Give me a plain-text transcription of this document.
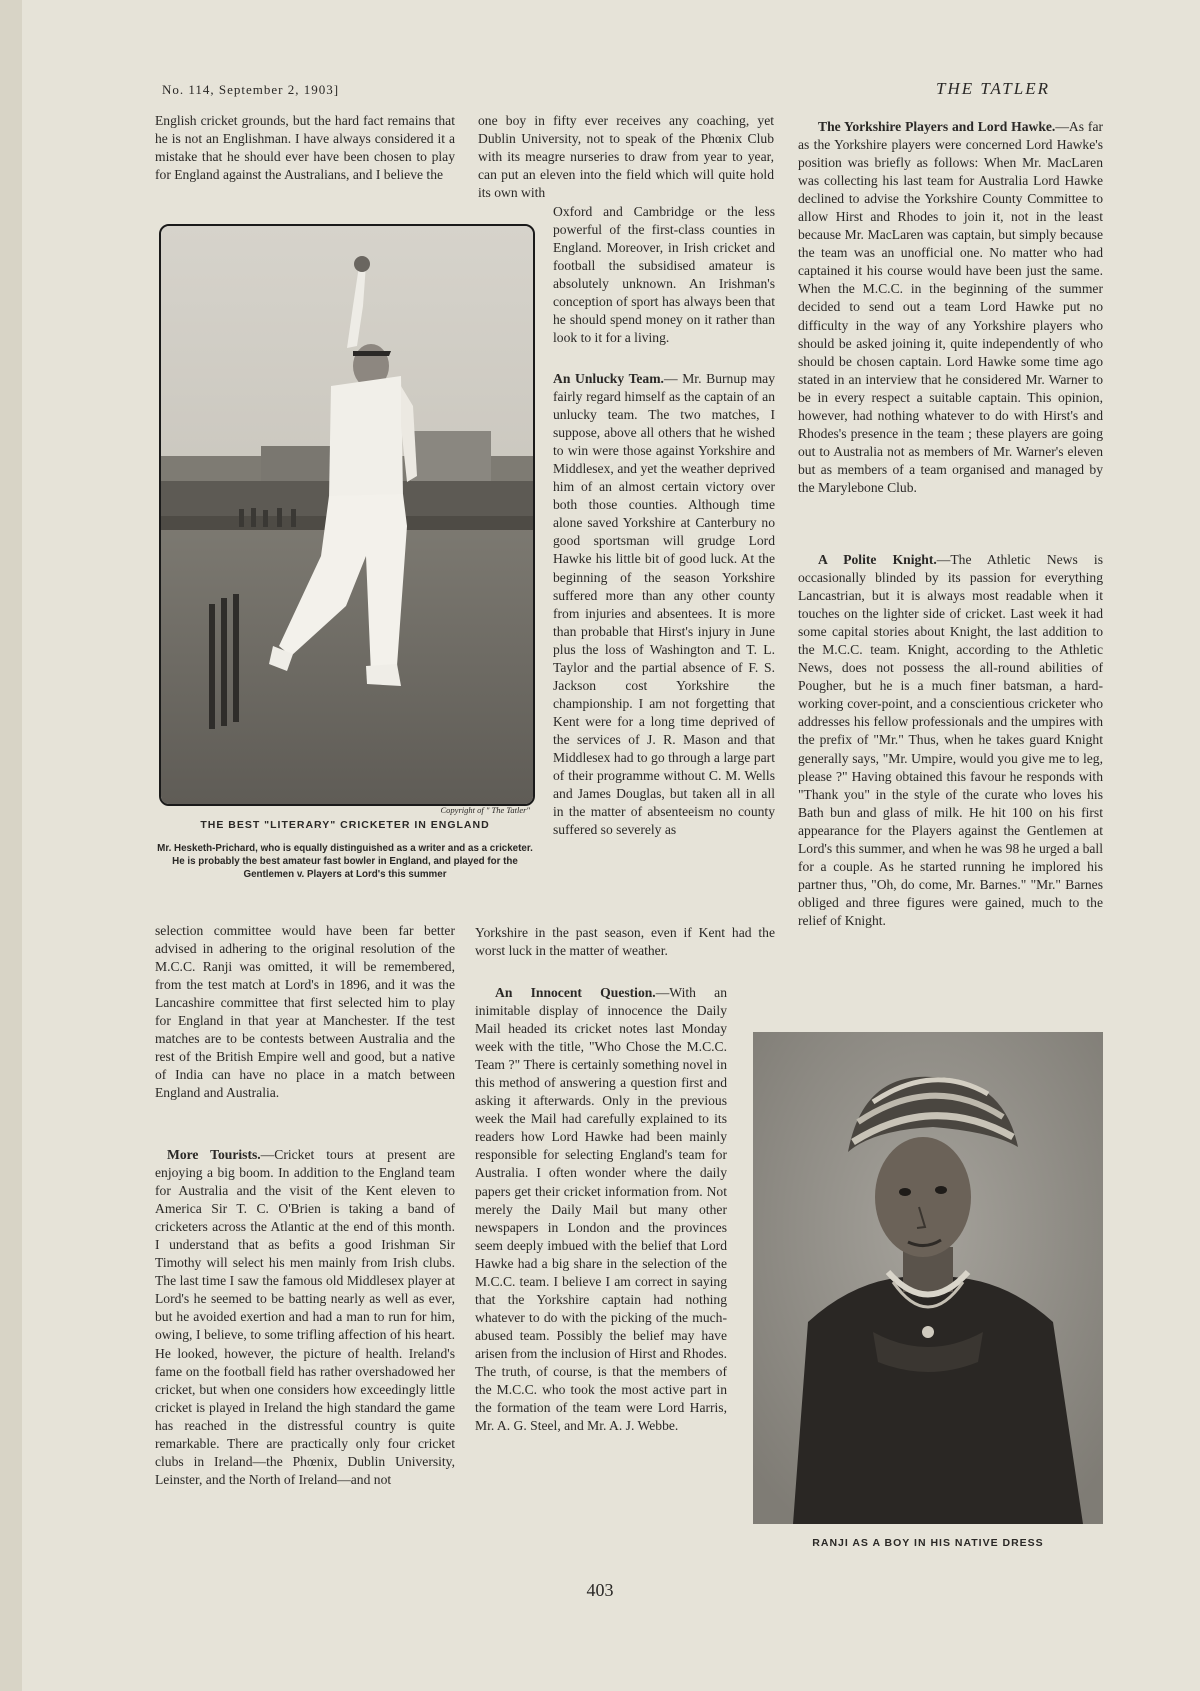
No. 114, September 2, 1903]	THE TATLER
English cricket grounds, but the hard fact remains that he is not an Englishman. I have always considered it a mistake that he should ever have been chosen to play for England against the Australians, and I believe the
one boy in fifty ever receives any coaching, yet Dublin University, not to speak of the Phœnix Club with its meagre nurseries to draw from year to year, can put an eleven into the field which will quite hold its own with
Copyright of " The Tatler"
THE BEST "LITERARY" CRICKETER IN ENGLAND
Mr. Hesketh-Prichard, who is equally distinguished as a writer and as a cricketer. He is probably the best amateur fast bowler in England, and played for the Gentlemen v. Players at Lord's this summer
Oxford and Cambridge or the less powerful of the first-class counties in England. Moreover, in Irish cricket and football the subsidised amateur is absolutely unknown. An Irishman's conception of sport has always been that he should spend money on it rather than look to it for a living.
An Unlucky Team.— Mr. Burnup may fairly regard himself as the captain of an unlucky team. The two matches, I suppose, above all others that he wished to win were those against Yorkshire and Middlesex, and yet the weather deprived him of an almost certain victory over both those counties. Although time alone saved Yorkshire at Canterbury no good sportsman will grudge Lord Hawke his little bit of good luck. At the beginning of the season Yorkshire suffered more than any other county from injuries and absentees. It is more than probable that Hirst's injury in June plus the loss of Washington and T. L. Taylor and the partial absence of F. S. Jackson cost Yorkshire the championship. I am not forgetting that Kent were for a long time deprived of the services of J. R. Mason and that Middlesex had to go through a large part of their programme without C. M. Wells and James Douglas, but taken all in all in the matter of absenteeism no county suffered so severely as
Yorkshire in the past season, even if Kent had the worst luck in the matter of weather.
selection committee would have been far better advised in adhering to the original resolution of the M.C.C. Ranji was omitted, it will be remembered, from the test match at Lord's in 1896, and it was the Lancashire committee that first selected him to play for England in that year at Manchester. If the test matches are to be contests between Australia and the rest of the British Empire well and good, but a native of India can have no place in a match between England and Australia.
More Tourists.—Cricket tours at present are enjoying a big boom. In addition to the England team for Australia and the visit of the Kent eleven to America Sir T. C. O'Brien is taking a band of cricketers across the Atlantic at the end of this month. I understand that as befits a good Irishman Sir Timothy will select his men mainly from Irish clubs. The last time I saw the famous old Middlesex player at Lord's he seemed to be batting nearly as well as ever, but he avoided exertion and had a man to run for him, owing, I believe, to some trifling affection of his heart. He looked, however, the picture of health. Ireland's fame on the football field has rather overshadowed her cricket, but when one considers how exceedingly little cricket is played in Ireland the high standard the game has reached in the distressful country is quite remarkable. There are practically only four cricket clubs in Ireland—the Phœnix, Dublin University, Leinster, and the North of Ireland—and not
An Innocent Question.—With an inimitable display of innocence the Daily Mail headed its cricket notes last Monday week with the title, "Who Chose the M.C.C. Team ?" There is certainly something novel in this method of answering a question first and asking it afterwards. Only in the previous week the Mail had carefully explained to its readers how Lord Hawke had been mainly responsible for selecting England's team for Australia. I often wonder where the daily papers get their cricket information from. Not merely the Daily Mail but many other newspapers in London and the provinces seem deeply imbued with the belief that Lord Hawke had a big share in the selection of the M.C.C. team. I believe I am correct in saying that the Yorkshire captain had nothing whatever to do with the picking of the much-abused team. Possibly the belief may have arisen from the inclusion of Hirst and Rhodes. The truth, of course, is that the members of the M.C.C. who took the most active part in the formation of the team were Lord Harris, Mr. A. G. Steel, and Mr. A. J. Webbe.
The Yorkshire Players and Lord Hawke.—As far as the Yorkshire players were concerned Lord Hawke's position was briefly as follows: When Mr. MacLaren was collecting his last team for Australia Lord Hawke declined to advise the Yorkshire County Committee to allow Hirst and Rhodes to join it, not in the least because Mr. MacLaren was captain, but simply because the team was an unofficial one. No matter who had captained it his course would have been just the same. When the M.C.C. in the beginning of the summer decided to send out a team Lord Hawke put no difficulty in the way of any Yorkshire players who should be asked joining it, quite independently of who should be chosen captain. Lord Hawke some time ago stated in an interview that he considered Mr. Warner to be in every respect a suitable captain. This opinion, however, had nothing whatever to do with Hirst's and Rhodes's presence in the team ; these players are going out to Australia not as members of Mr. Warner's eleven but as members of a team organised and managed by the Marylebone Club.
A Polite Knight.—The Athletic News is occasionally blinded by its passion for everything Lancastrian, but it is always most readable when it touches on the lighter side of cricket. Last week it had some capital stories about Knight, the last addition to the M.C.C. team. Knight, according to the Athletic News, does not possess the all-round abilities of Pougher, but he is a much finer batsman, a hard-working cover-point, and a conscientious cricketer who addresses his fellow professionals and the umpires with the prefix of "Mr." Thus, when he takes guard Knight generally says, "Mr. Umpire, would you give me to leg, please ?" Having obtained this favour he responds with "Thank you" in the style of the curate who loves his Bath bun and glass of milk. He hit 100 on his first appearance for the Players against the Gentlemen at Lord's this summer, and when he was 98 he urged a ball for a couple. As he started running he implored his partner thus, "Oh, do come, Mr. Barnes." "Mr." Barnes obliged and three figures were gained, much to the relief of Knight.
RANJI AS A BOY IN HIS NATIVE DRESS
403
